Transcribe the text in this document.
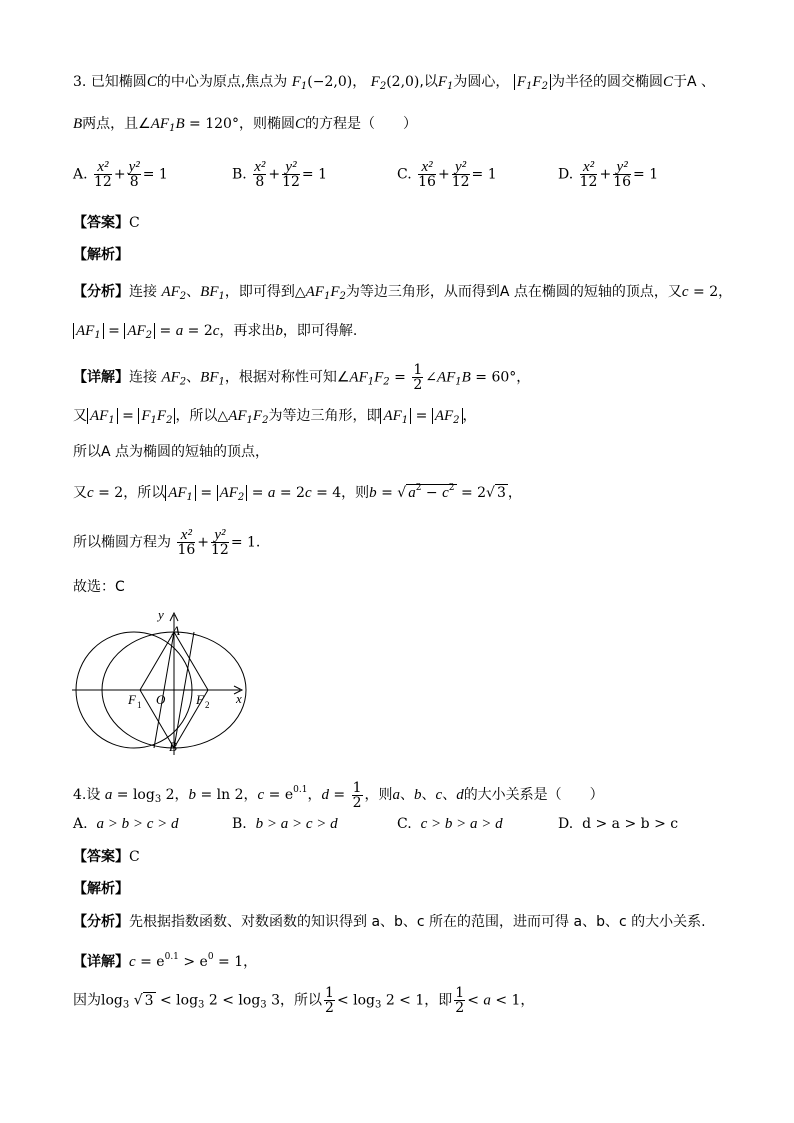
3. 已知椭圆C的中心为原点,焦点为 $F_1(-2,0)$， $F_2(2,0)$,以$F_1$为圆心， $F_1F_2$ 为半径的圆交椭圆C于A 、
B两点，且$\angle AF_1B = 120^\circ$，则椭圆C的方程是（　　）
A. $\frac{\text{x²}}{12} + \frac{\text{y²}}{8} = 1$	B. $\frac{\text{x²}}{8} + \frac{\text{y²}}{12} = 1$	C. $\frac{\text{x²}}{16} + \frac{\text{y²}}{12} = 1$	D. $\frac{\text{x²}}{12} + \frac{\text{y²}}{16} = 1$
【答案】C
【解析】
【分析】连接 $AF_2$、$BF_1$，即可得到$\triangle AF_1F_2$为等边三角形，从而得到A 点在椭圆的短轴的顶点，又c = 2，
$AF_1 = AF_2 = a = 2c$，再求出b，即可得解.
【详解】连接 $AF_2$、$BF_1$，根据对称性可知$\angle AF_1F_2 = \frac{1}{2}$ $\angle AF_1B = 60^\circ$，
又 $AF_1 = F_1F_2$ ，所以$\triangle AF_1F_2$为等边三角形，即 $AF_1 = AF_2$ ，
所以A 点为椭圆的短轴的顶点，
又c = 2，所以 $AF_1 = AF_2 = a = 2c = 4$，则b = √ $a^2 - c^2 = 2√$ 3 ，
所以椭圆方程为 $\frac{\text{x²}}{16} + \frac{\text{y²}}{12} = 1$.
故选：C
y
A
B
F 1 O F 2 x
4.设 $a = \log_3 2$，b = ln 2，$c = e^{0.1}$，$d = \frac{1}{2}$ ，则a、b、c、d的大小关系是（　　）
A. a > b > c > d	B. b > a > c > d	C. c > b > a > d	D. d > a > b > c
【答案】C
【解析】
【分析】先根据指数函数、对数函数的知识得到 a、b、c 所在的范围，进而可得 a、b、c 的大小关系.
【详解】$c = e^{0.1} > e^0 = 1$，
因为$\log_3$ √ $3 < \log_3 2 < \log_3 3$，所以 $\frac{1}{2} < \log_3 2 < 1$，即 $\frac{1}{2} < a < 1$，
